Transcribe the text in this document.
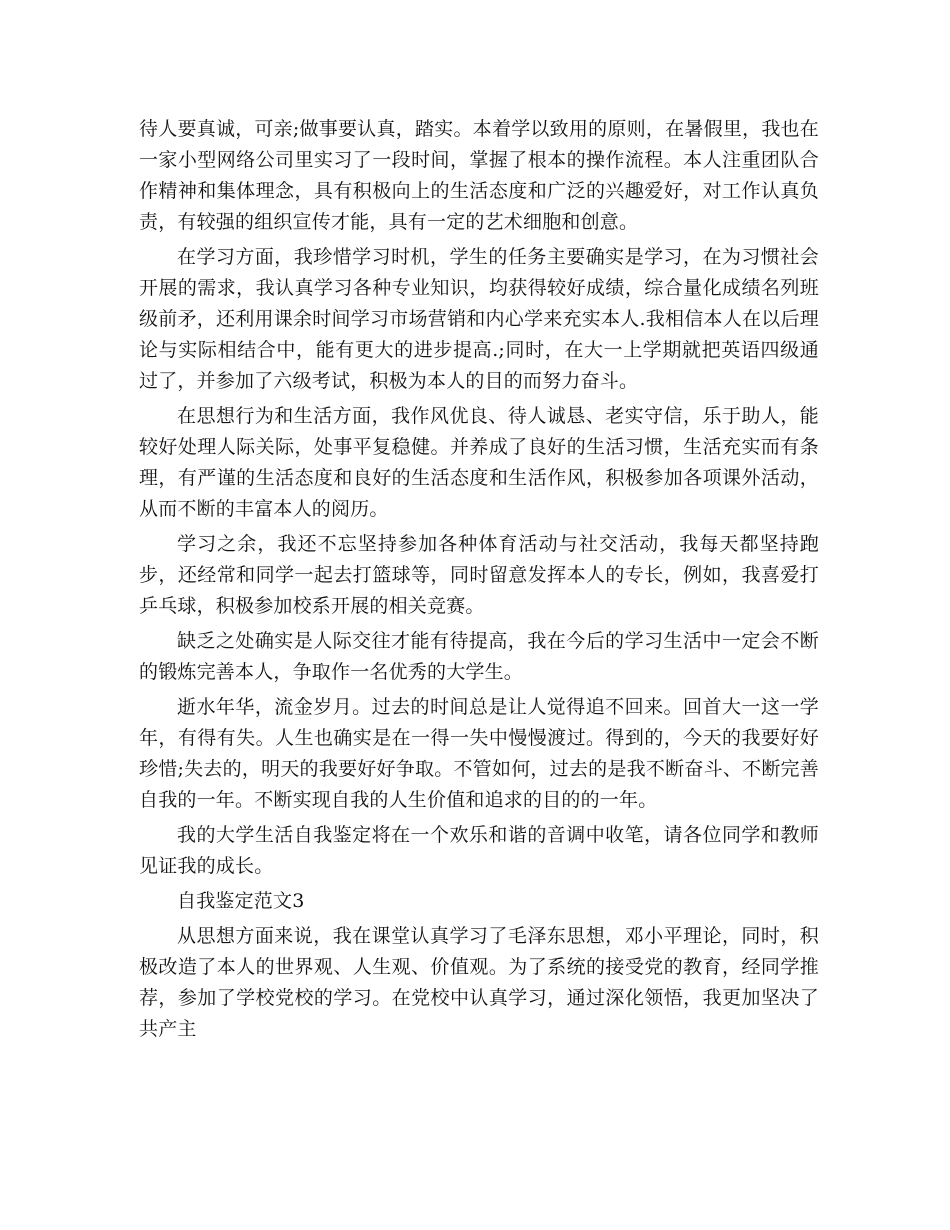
待人要真诚，可亲;做事要认真，踏实。本着学以致用的原则，在暑假里，我也在一家小型网络公司里实习了一段时间，掌握了根本的操作流程。本人注重团队合作精神和集体理念，具有积极向上的生活态度和广泛的兴趣爱好，对工作认真负责，有较强的组织宣传才能，具有一定的艺术细胞和创意。

在学习方面，我珍惜学习时机，学生的任务主要确实是学习，在为习惯社会开展的需求，我认真学习各种专业知识，均获得较好成绩，综合量化成绩名列班级前矛，还利用课余时间学习市场营销和内心学来充实本人.我相信本人在以后理论与实际相结合中，能有更大的进步提高.;同时，在大一上学期就把英语四级通过了，并参加了六级考试，积极为本人的目的而努力奋斗。

在思想行为和生活方面，我作风优良、待人诚恳、老实守信，乐于助人，能较好处理人际关际，处事平复稳健。并养成了良好的生活习惯，生活充实而有条理，有严谨的生活态度和良好的生活态度和生活作风，积极参加各项课外活动，从而不断的丰富本人的阅历。

学习之余，我还不忘坚持参加各种体育活动与社交活动，我每天都坚持跑步，还经常和同学一起去打篮球等，同时留意发挥本人的专长，例如，我喜爱打乒乓球，积极参加校系开展的相关竞赛。

缺乏之处确实是人际交往才能有待提高，我在今后的学习生活中一定会不断的锻炼完善本人，争取作一名优秀的大学生。

逝水年华，流金岁月。过去的时间总是让人觉得追不回来。回首大一这一学年，有得有失。人生也确实是在一得一失中慢慢渡过。得到的，今天的我要好好珍惜;失去的，明天的我要好好争取。不管如何，过去的是我不断奋斗、不断完善自我的一年。不断实现自我的人生价值和追求的目的的一年。

我的大学生活自我鉴定将在一个欢乐和谐的音调中收笔，请各位同学和教师见证我的成长。

自我鉴定范文3

从思想方面来说，我在课堂认真学习了毛泽东思想，邓小平理论，同时，积极改造了本人的世界观、人生观、价值观。为了系统的接受党的教育，经同学推荐，参加了学校党校的学习。在党校中认真学习，通过深化领悟，我更加坚决了共产主
